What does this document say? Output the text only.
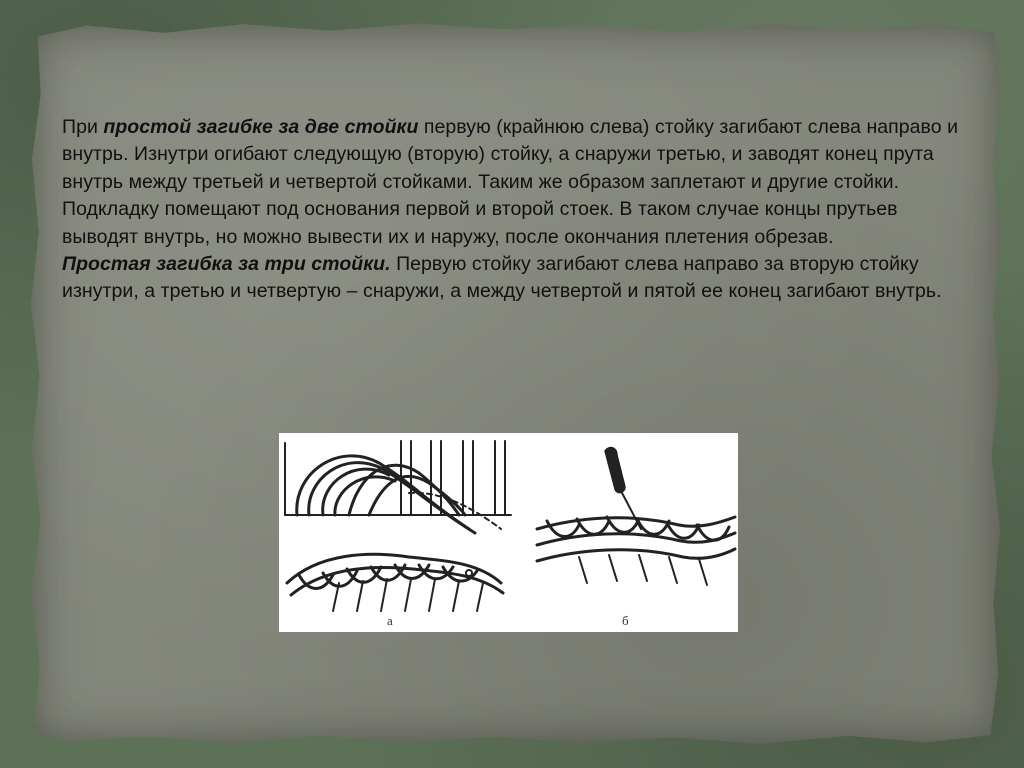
При простой загибке за две стойки первую (крайнюю слева) стойку загибают слева направо и внутрь. Изнутри огибают следующую (вторую) стойку, а снаружи третью, и заводят конец прута внутрь между третьей и четвертой стойками. Таким же образом заплетают и другие стойки. Подкладку помещают под основания первой и второй стоек. В таком случае концы прутьев выводят внутрь, но можно вывести их и наружу, после окончания плетения обрезав.

Простая загибка за три стойки. Первую стойку загибают слева направо за вторую стойку изнутри, а третью и четвертую – снаружи, а между четвертой и пятой ее конец загибают внутрь.

а	б
